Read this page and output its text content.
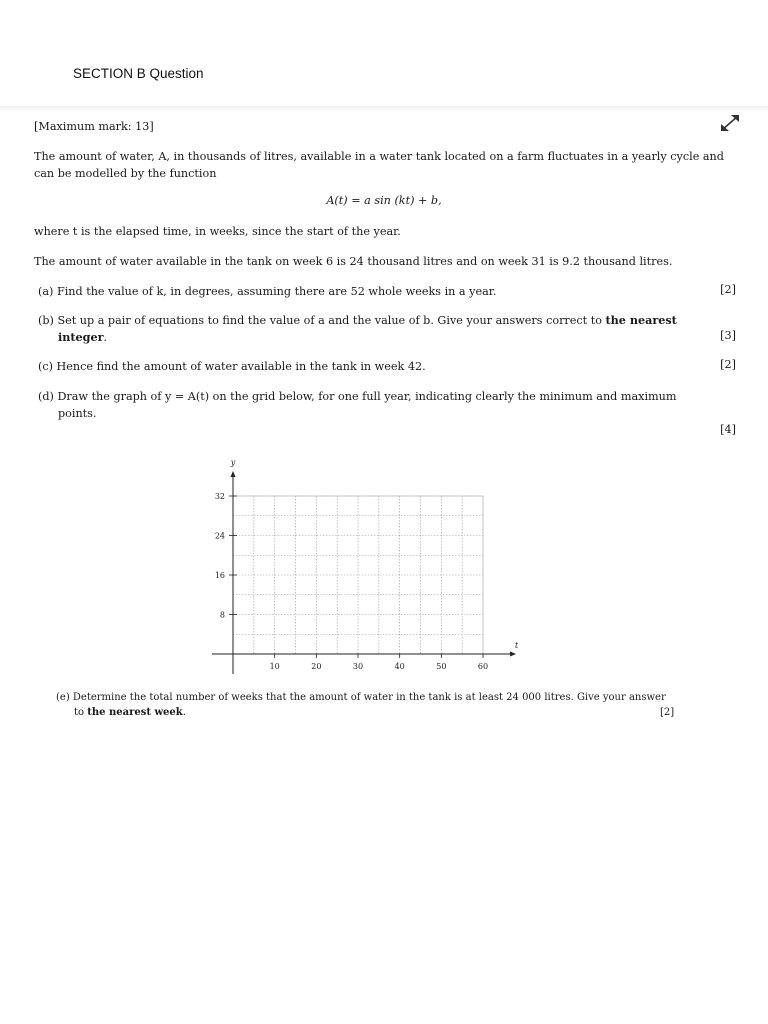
SECTION B Question
[Maximum mark: 13]
The amount of water, A, in thousands of litres, available in a water tank located on a farm fluctuates in a yearly cycle and
can be modelled by the function
A(t) = a sin (kt) + b,
where t is the elapsed time, in weeks, since the start of the year.
The amount of water available in the tank on week 6 is 24 thousand litres and on week 31 is 9.2 thousand litres.
(a) Find the value of k, in degrees, assuming there are 52 whole weeks in a year.	[2]
(b) Set up a pair of equations to find the value of a and the value of b. Give your answers correct to the nearest
integer.	[3]
(c) Hence find the amount of water available in the tank in week 42.	[2]
(d) Draw the graph of y = A(t) on the grid below, for one full year, indicating clearly the minimum and maximum
points.
[4]
10	20	30	40	50	60
8
16
24
32
t
y
(e) Determine the total number of weeks that the amount of water in the tank is at least 24 000 litres. Give your answer
to the nearest week.	[2]
